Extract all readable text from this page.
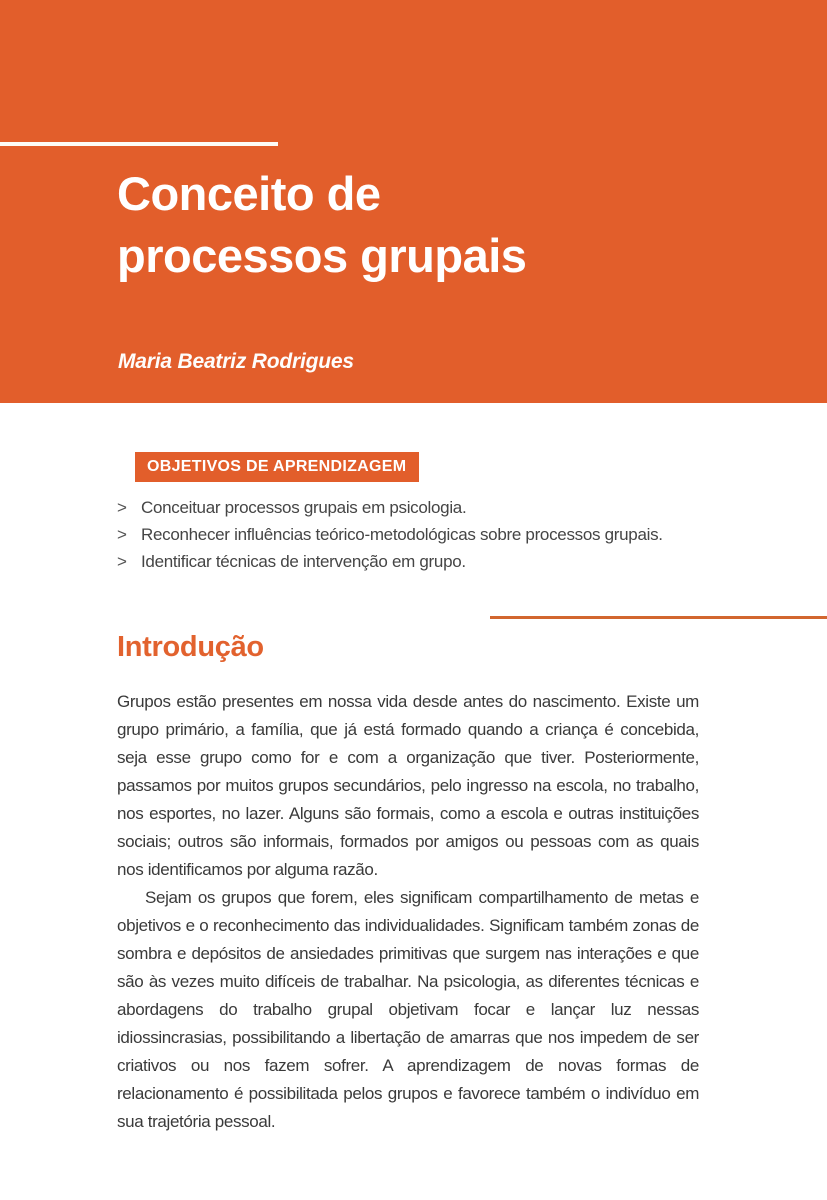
Conceito de
processos grupais

Maria Beatriz Rodrigues

OBJETIVOS DE APRENDIZAGEM
> Conceituar processos grupais em psicologia.
> Reconhecer influências teórico-metodológicas sobre processos grupais.
> Identificar técnicas de intervenção em grupo.
Introdução

Grupos estão presentes em nossa vida desde antes do nascimento. Existe um grupo primário, a família, que já está formado quando a criança é concebida, seja esse grupo como for e com a organização que tiver. Posteriormente, passamos por muitos grupos secundários, pelo ingresso na escola, no trabalho, nos esportes, no lazer. Alguns são formais, como a escola e outras instituições sociais; outros são informais, formados por amigos ou pessoas com as quais nos identificamos por alguma razão.

Sejam os grupos que forem, eles significam compartilhamento de metas e objetivos e o reconhecimento das individualidades. Significam também zonas de sombra e depósitos de ansiedades primitivas que surgem nas interações e que são às vezes muito difíceis de trabalhar. Na psicologia, as diferentes técnicas e abordagens do trabalho grupal objetivam focar e lançar luz nessas idiossincrasias, possibilitando a libertação de amarras que nos impedem de ser criativos ou nos fazem sofrer. A aprendizagem de novas formas de relacionamento é possibilitada pelos grupos e favorece também o indivíduo em sua trajetória pessoal.
